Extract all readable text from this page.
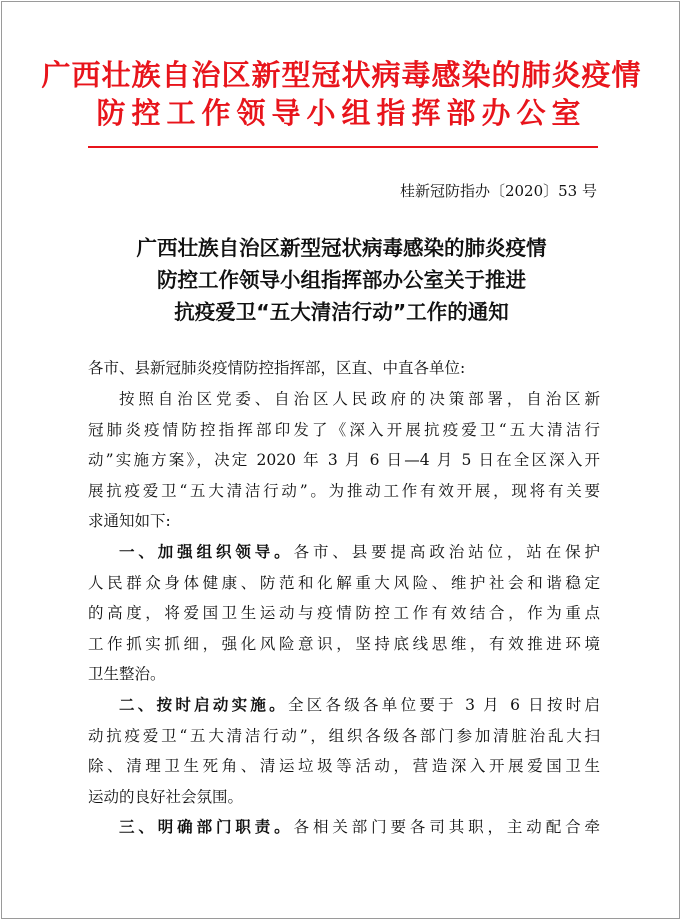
广西壮族自治区新型冠状病毒感染的肺炎疫情
防控工作领导小组指挥部办公室
桂新冠防指办〔2020〕53 号
广西壮族自治区新型冠状病毒感染的肺炎疫情
防控工作领导小组指挥部办公室关于推进
抗疫爱卫“五大清洁行动”工作的通知
各市、县新冠肺炎疫情防控指挥部，区直、中直各单位:
按照自治区党委、自治区人民政府的决策部署，自治区新
冠肺炎疫情防控指挥部印发了《深入开展抗疫爱卫“五大清洁行
动”实施方案》，决定 2020 年 3 月 6 日—4 月 5 日在全区深入开
展抗疫爱卫“五大清洁行动”。为推动工作有效开展，现将有关要
求通知如下:
一、加强组织领导。各市、县要提高政治站位，站在保护
人民群众身体健康、防范和化解重大风险、维护社会和谐稳定
的高度，将爱国卫生运动与疫情防控工作有效结合，作为重点
工作抓实抓细，强化风险意识，坚持底线思维，有效推进环境
卫生整治。
二、按时启动实施。全区各级各单位要于 3 月 6 日按时启
动抗疫爱卫“五大清洁行动”，组织各级各部门参加清脏治乱大扫
除、清理卫生死角、清运垃圾等活动，营造深入开展爱国卫生
运动的良好社会氛围。
三、明确部门职责。各相关部门要各司其职，主动配合牵
